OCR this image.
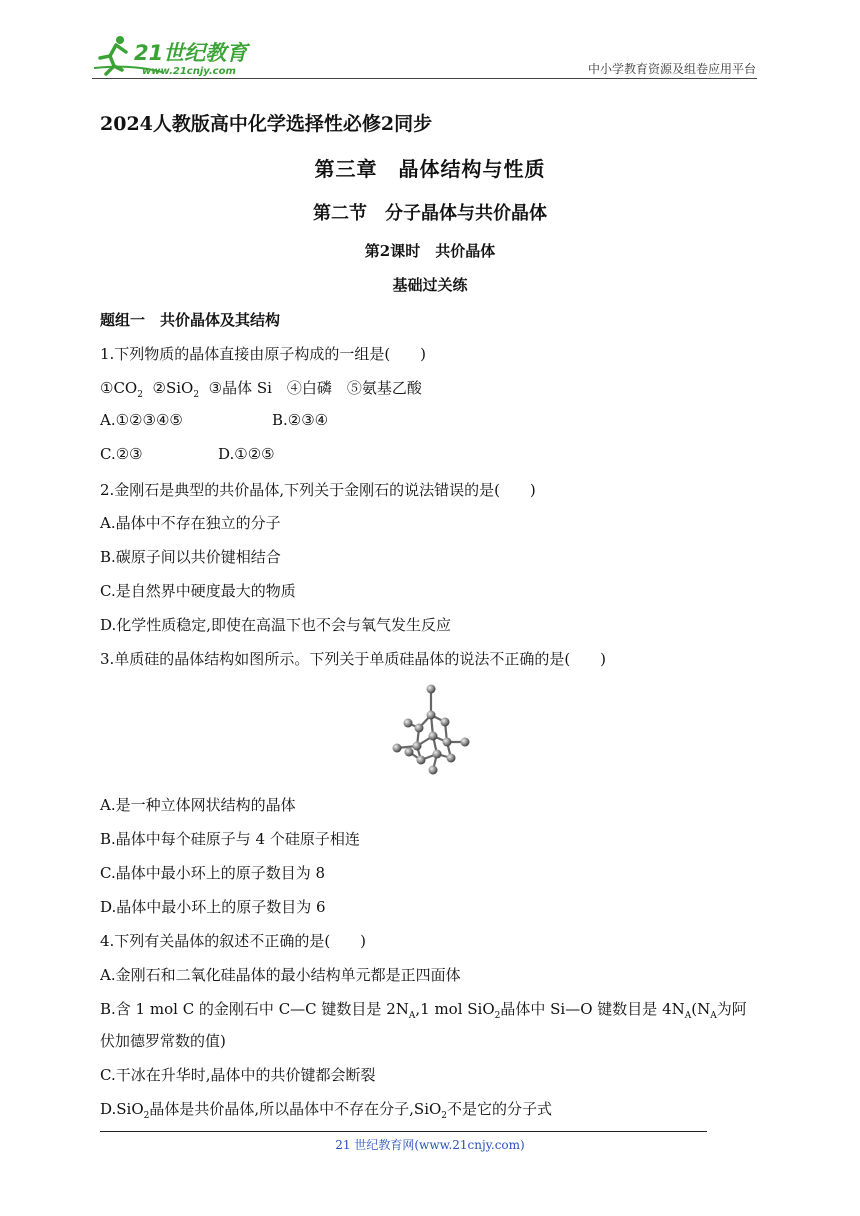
21世纪教育
www.21cnjy.com	中小学教育资源及组卷应用平台
2024人教版高中化学选择性必修2同步
第三章　晶体结构与性质
第二节　分子晶体与共价晶体
第2课时　共价晶体
基础过关练
题组一　共价晶体及其结构
1.下列物质的晶体直接由原子构成的一组是(　　)
$①CO_2$ ②SiO$_2$ ③晶体 Si　④白磷　⑤氨基乙酸
A.①②③④⑤	B.②③④
C.②③	D.①②⑤
2.金刚石是典型的共价晶体,下列关于金刚石的说法错误的是(　　)
A.晶体中不存在独立的分子
B.碳原子间以共价键相结合
C.是自然界中硬度最大的物质
D.化学性质稳定,即使在高温下也不会与氧气发生反应
3.单质硅的晶体结构如图所示。下列关于单质硅晶体的说法不正确的是(　　)
A.是一种立体网状结构的晶体
B.晶体中每个硅原子与 4 个硅原子相连
C.晶体中最小环上的原子数目为 8
D.晶体中最小环上的原子数目为 6
4.下列有关晶体的叙述不正确的是(　　)
A.金刚石和二氧化硅晶体的最小结构单元都是正四面体
B.含 1 mol C 的金刚石中 C—C 键数目是 $2N_A,1$ mol SiO$_2$晶体中 Si—O 键数目是 $4N_A(N_A$为阿
伏加德罗常数的值)
C.干冰在升华时,晶体中的共价键都会断裂
D.SiO$_2$晶体是共价晶体,所以晶体中不存在分子,SiO$_2$不是它的分子式
21 世纪教育网(www.21cnjy.com)
